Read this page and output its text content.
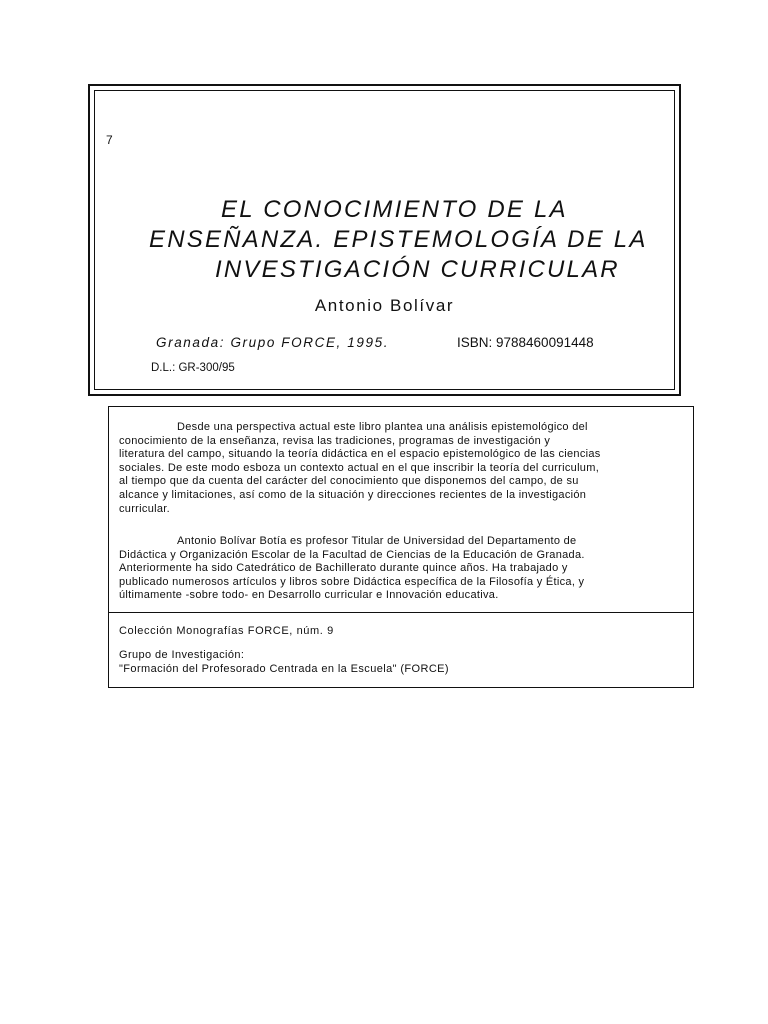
7
EL CONOCIMIENTO DE LA
ENSEÑANZA. EPISTEMOLOGÍA DE LA
INVESTIGACIÓN CURRICULAR
Antonio Bolívar
Granada: Grupo FORCE, 1995.	ISBN: 9788460091448
D.L.: GR-300/95
Desde una perspectiva actual este libro plantea una análisis epistemológico del
conocimiento de la enseñanza, revisa las tradiciones, programas de investigación y
literatura del campo, situando la teoría didáctica en el espacio epistemológico de las ciencias
sociales. De este modo esboza un contexto actual en el que inscribir la teoría del curriculum,
al tiempo que da cuenta del carácter del conocimiento que disponemos del campo, de su
alcance y limitaciones, así como de la situación y direcciones recientes de la investigación
curricular.
Antonio Bolívar Botía es profesor Titular de Universidad del Departamento de
Didáctica y Organización Escolar de la Facultad de Ciencias de la Educación de Granada.
Anteriormente ha sido Catedrático de Bachillerato durante quince años. Ha trabajado y
publicado numerosos artículos y libros sobre Didáctica específica de la Filosofía y Ética, y
últimamente -sobre todo- en Desarrollo curricular e Innovación educativa.
Colección Monografías FORCE, núm. 9
Grupo de Investigación:
"Formación del Profesorado Centrada en la Escuela" (FORCE)
